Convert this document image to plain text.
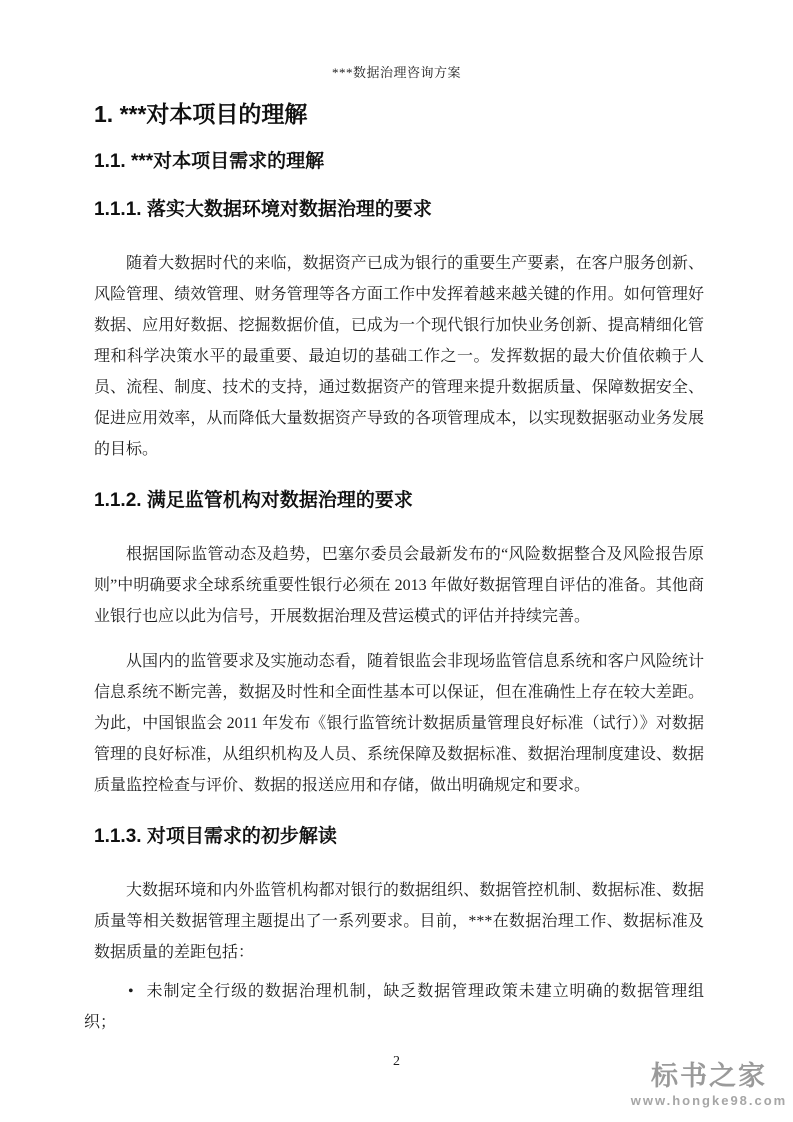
***数据治理咨询方案
1. ***对本项目的理解
1.1. ***对本项目需求的理解
1.1.1. 落实大数据环境对数据治理的要求

随着大数据时代的来临，数据资产已成为银行的重要生产要素，在客户服务创新、风险管理、绩效管理、财务管理等各方面工作中发挥着越来越关键的作用。如何管理好数据、应用好数据、挖掘数据价值，已成为一个现代银行加快业务创新、提高精细化管理和科学决策水平的最重要、最迫切的基础工作之一。发挥数据的最大价值依赖于人员、流程、制度、技术的支持，通过数据资产的管理来提升数据质量、保障数据安全、促进应用效率，从而降低大量数据资产导致的各项管理成本，以实现数据驱动业务发展的目标。

1.1.2. 满足监管机构对数据治理的要求

根据国际监管动态及趋势，巴塞尔委员会最新发布的“风险数据整合及风险报告原则”中明确要求全球系统重要性银行必须在 2013 年做好数据管理自评估的准备。其他商业银行也应以此为信号，开展数据治理及营运模式的评估并持续完善。

从国内的监管要求及实施动态看，随着银监会非现场监管信息系统和客户风险统计信息系统不断完善，数据及时性和全面性基本可以保证，但在准确性上存在较大差距。为此，中国银监会 2011 年发布《银行监管统计数据质量管理良好标准（试行）》对数据管理的良好标准，从组织机构及人员、系统保障及数据标准、数据治理制度建设、数据质量监控检查与评价、数据的报送应用和存储，做出明确规定和要求。

1.1.3. 对项目需求的初步解读

大数据环境和内外监管机构都对银行的数据组织、数据管控机制、数据标准、数据质量等相关数据管理主题提出了一系列要求。目前，***在数据治理工作、数据标准及数据质量的差距包括：

• 未制定全行级的数据治理机制，缺乏数据管理政策未建立明确的数据管理组织；
2	标书之家
www.hongke98.com
